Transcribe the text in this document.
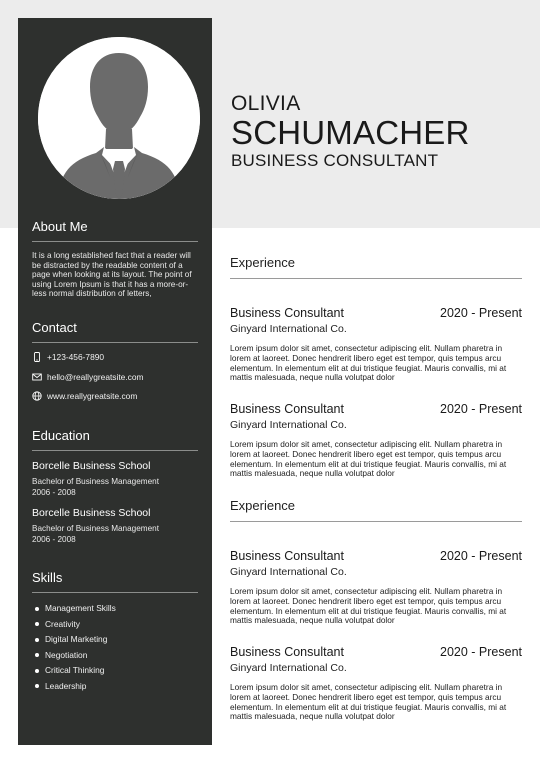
About Me
It is a long established fact that a reader will be distracted by the readable content of a page when looking at its layout. The point of using Lorem Ipsum is that it has a more-or-less normal distribution of letters,
Contact
+123-456-7890
hello@reallygreatsite.com
www.reallygreatsite.com
Education
Borcelle Business School
Bachelor of Business Management
2006 - 2008
Borcelle Business School
Bachelor of Business Management
2006 - 2008
Skills
Management Skills
Creativity
Digital Marketing
Negotiation
Critical Thinking
Leadership
OLIVIA
SCHUMACHER
BUSINESS CONSULTANT
Experience
Business Consultant	2020 - Present
Ginyard International Co.
Lorem ipsum dolor sit amet, consectetur adipiscing elit. Nullam pharetra in lorem at laoreet. Donec hendrerit libero eget est tempor, quis tempus arcu elementum. In elementum elit at dui tristique feugiat. Mauris convallis, mi at mattis malesuada, neque nulla volutpat dolor
Business Consultant	2020 - Present
Ginyard International Co.
Lorem ipsum dolor sit amet, consectetur adipiscing elit. Nullam pharetra in lorem at laoreet. Donec hendrerit libero eget est tempor, quis tempus arcu elementum. In elementum elit at dui tristique feugiat. Mauris convallis, mi at mattis malesuada, neque nulla volutpat dolor
Experience
Business Consultant	2020 - Present
Ginyard International Co.
Lorem ipsum dolor sit amet, consectetur adipiscing elit. Nullam pharetra in lorem at laoreet. Donec hendrerit libero eget est tempor, quis tempus arcu elementum. In elementum elit at dui tristique feugiat. Mauris convallis, mi at mattis malesuada, neque nulla volutpat dolor
Business Consultant	2020 - Present
Ginyard International Co.
Lorem ipsum dolor sit amet, consectetur adipiscing elit. Nullam pharetra in lorem at laoreet. Donec hendrerit libero eget est tempor, quis tempus arcu elementum. In elementum elit at dui tristique feugiat. Mauris convallis, mi at mattis malesuada, neque nulla volutpat dolor
